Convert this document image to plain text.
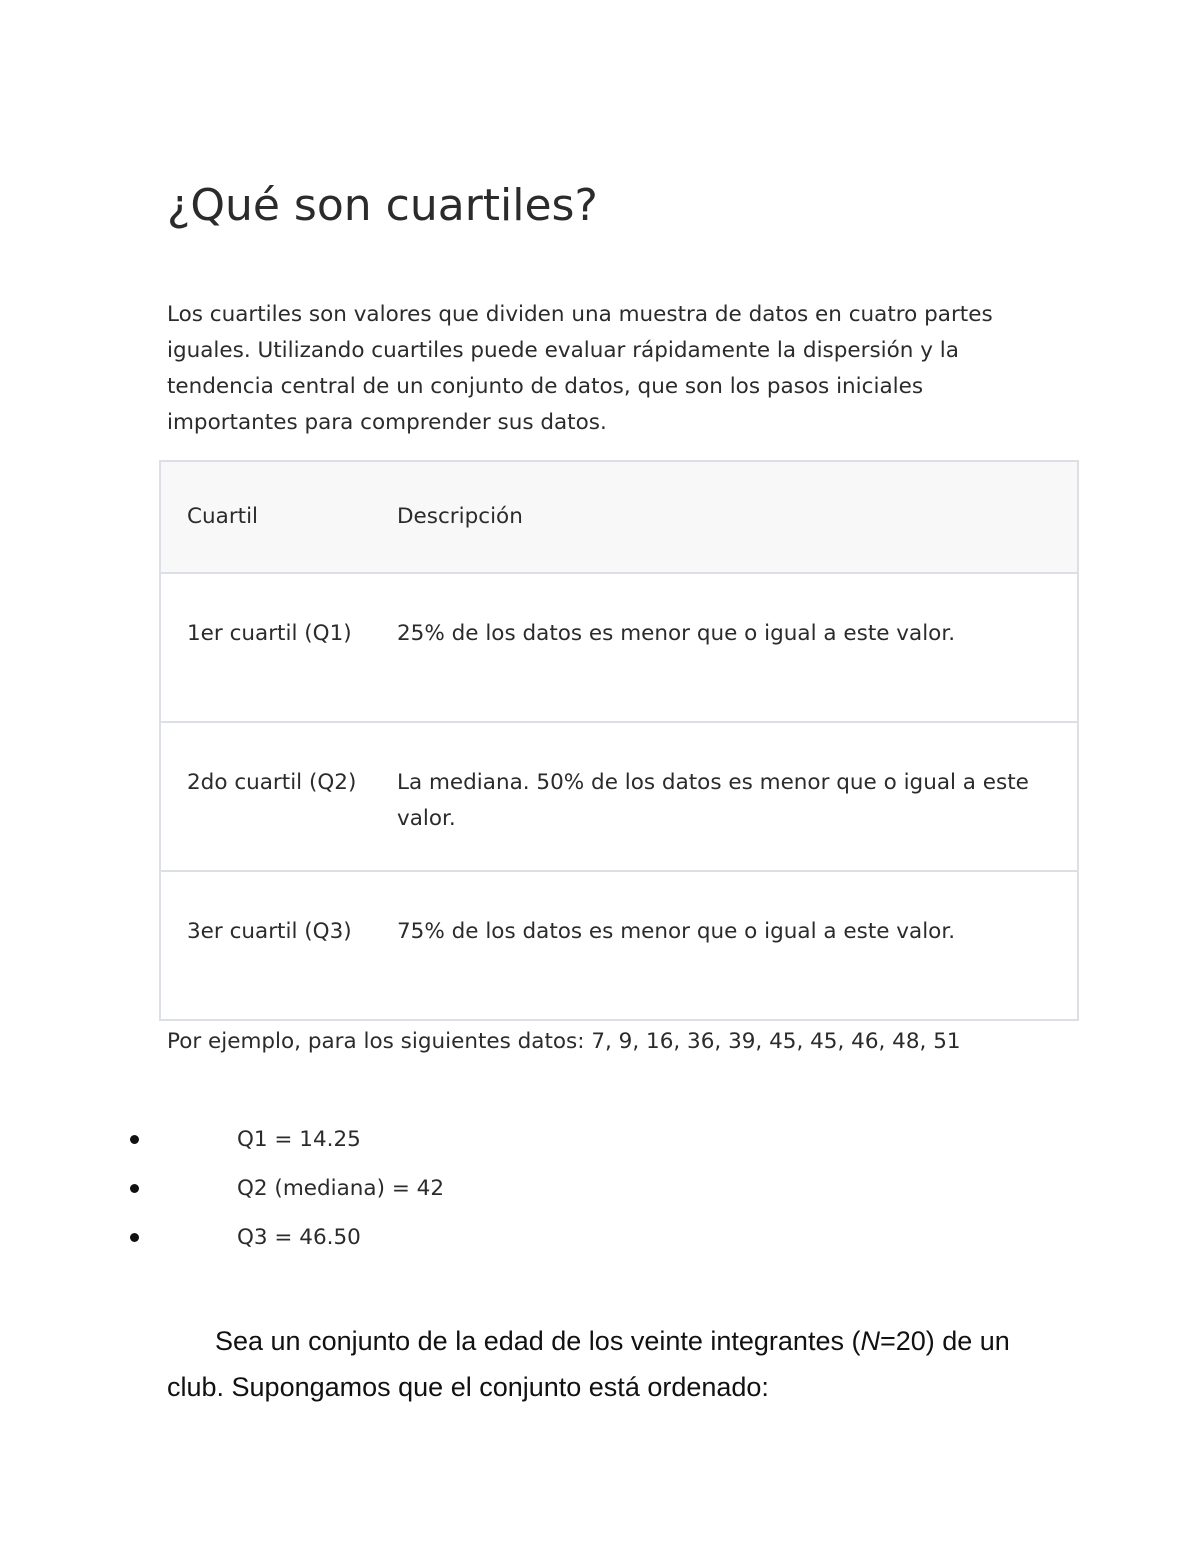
¿Qué son cuartiles?

Los cuartiles son valores que dividen una muestra de datos en cuatro partes iguales. Utilizando cuartiles puede evaluar rápidamente la dispersión y la tendencia central de un conjunto de datos, que son los pasos iniciales importantes para comprender sus datos.

Cuartil	Descripción
1er cuartil (Q1)	25% de los datos es menor que o igual a este valor.
2do cuartil (Q2)	La mediana. 50% de los datos es menor que o igual a este valor.
3er cuartil (Q3)	75% de los datos es menor que o igual a este valor.

Por ejemplo, para los siguientes datos: 7, 9, 16, 36, 39, 45, 45, 46, 48, 51

Q1 = 14.25
Q2 (mediana) = 42
Q3 = 46.50

Sea un conjunto de la edad de los veinte integrantes (N=20) de un club. Supongamos que el conjunto está ordenado:
